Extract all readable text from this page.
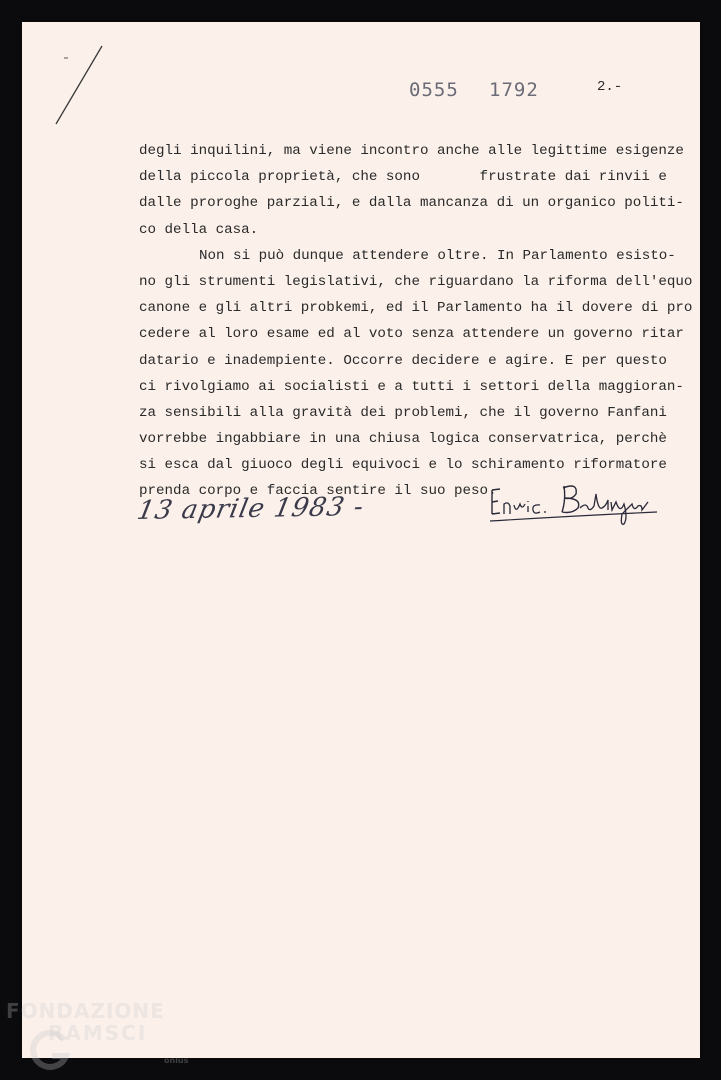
0555 1792	2.-
degli inquilini, ma viene incontro anche alle legittime esigenze
della piccola proprietà, che sono       frustrate dai rinvii e
dalle proroghe parziali, e dalla mancanza di un organico politi-
co della casa.
Non si può dunque attendere oltre. In Parlamento esisto-
no gli strumenti legislativi, che riguardano la riforma dell'equo
canone e gli altri probkemi, ed il Parlamento ha il dovere di pro
cedere al loro esame ed al voto senza attendere un governo ritar
datario e inadempiente. Occorre decidere e agire. E per questo
ci rivolgiamo ai socialisti e a tutti i settori della maggioran-
za sensibili alla gravità dei problemi, che il governo Fanfani
vorrebbe ingabbiare in una chiusa logica conservatrica, perchè
si esca dal giuoco degli equivoci e lo schiramento riformatore
prenda corpo e faccia sentire il suo peso.
13 aprile 1983 -
FONDAZIONE
RAMSCI
onlus
